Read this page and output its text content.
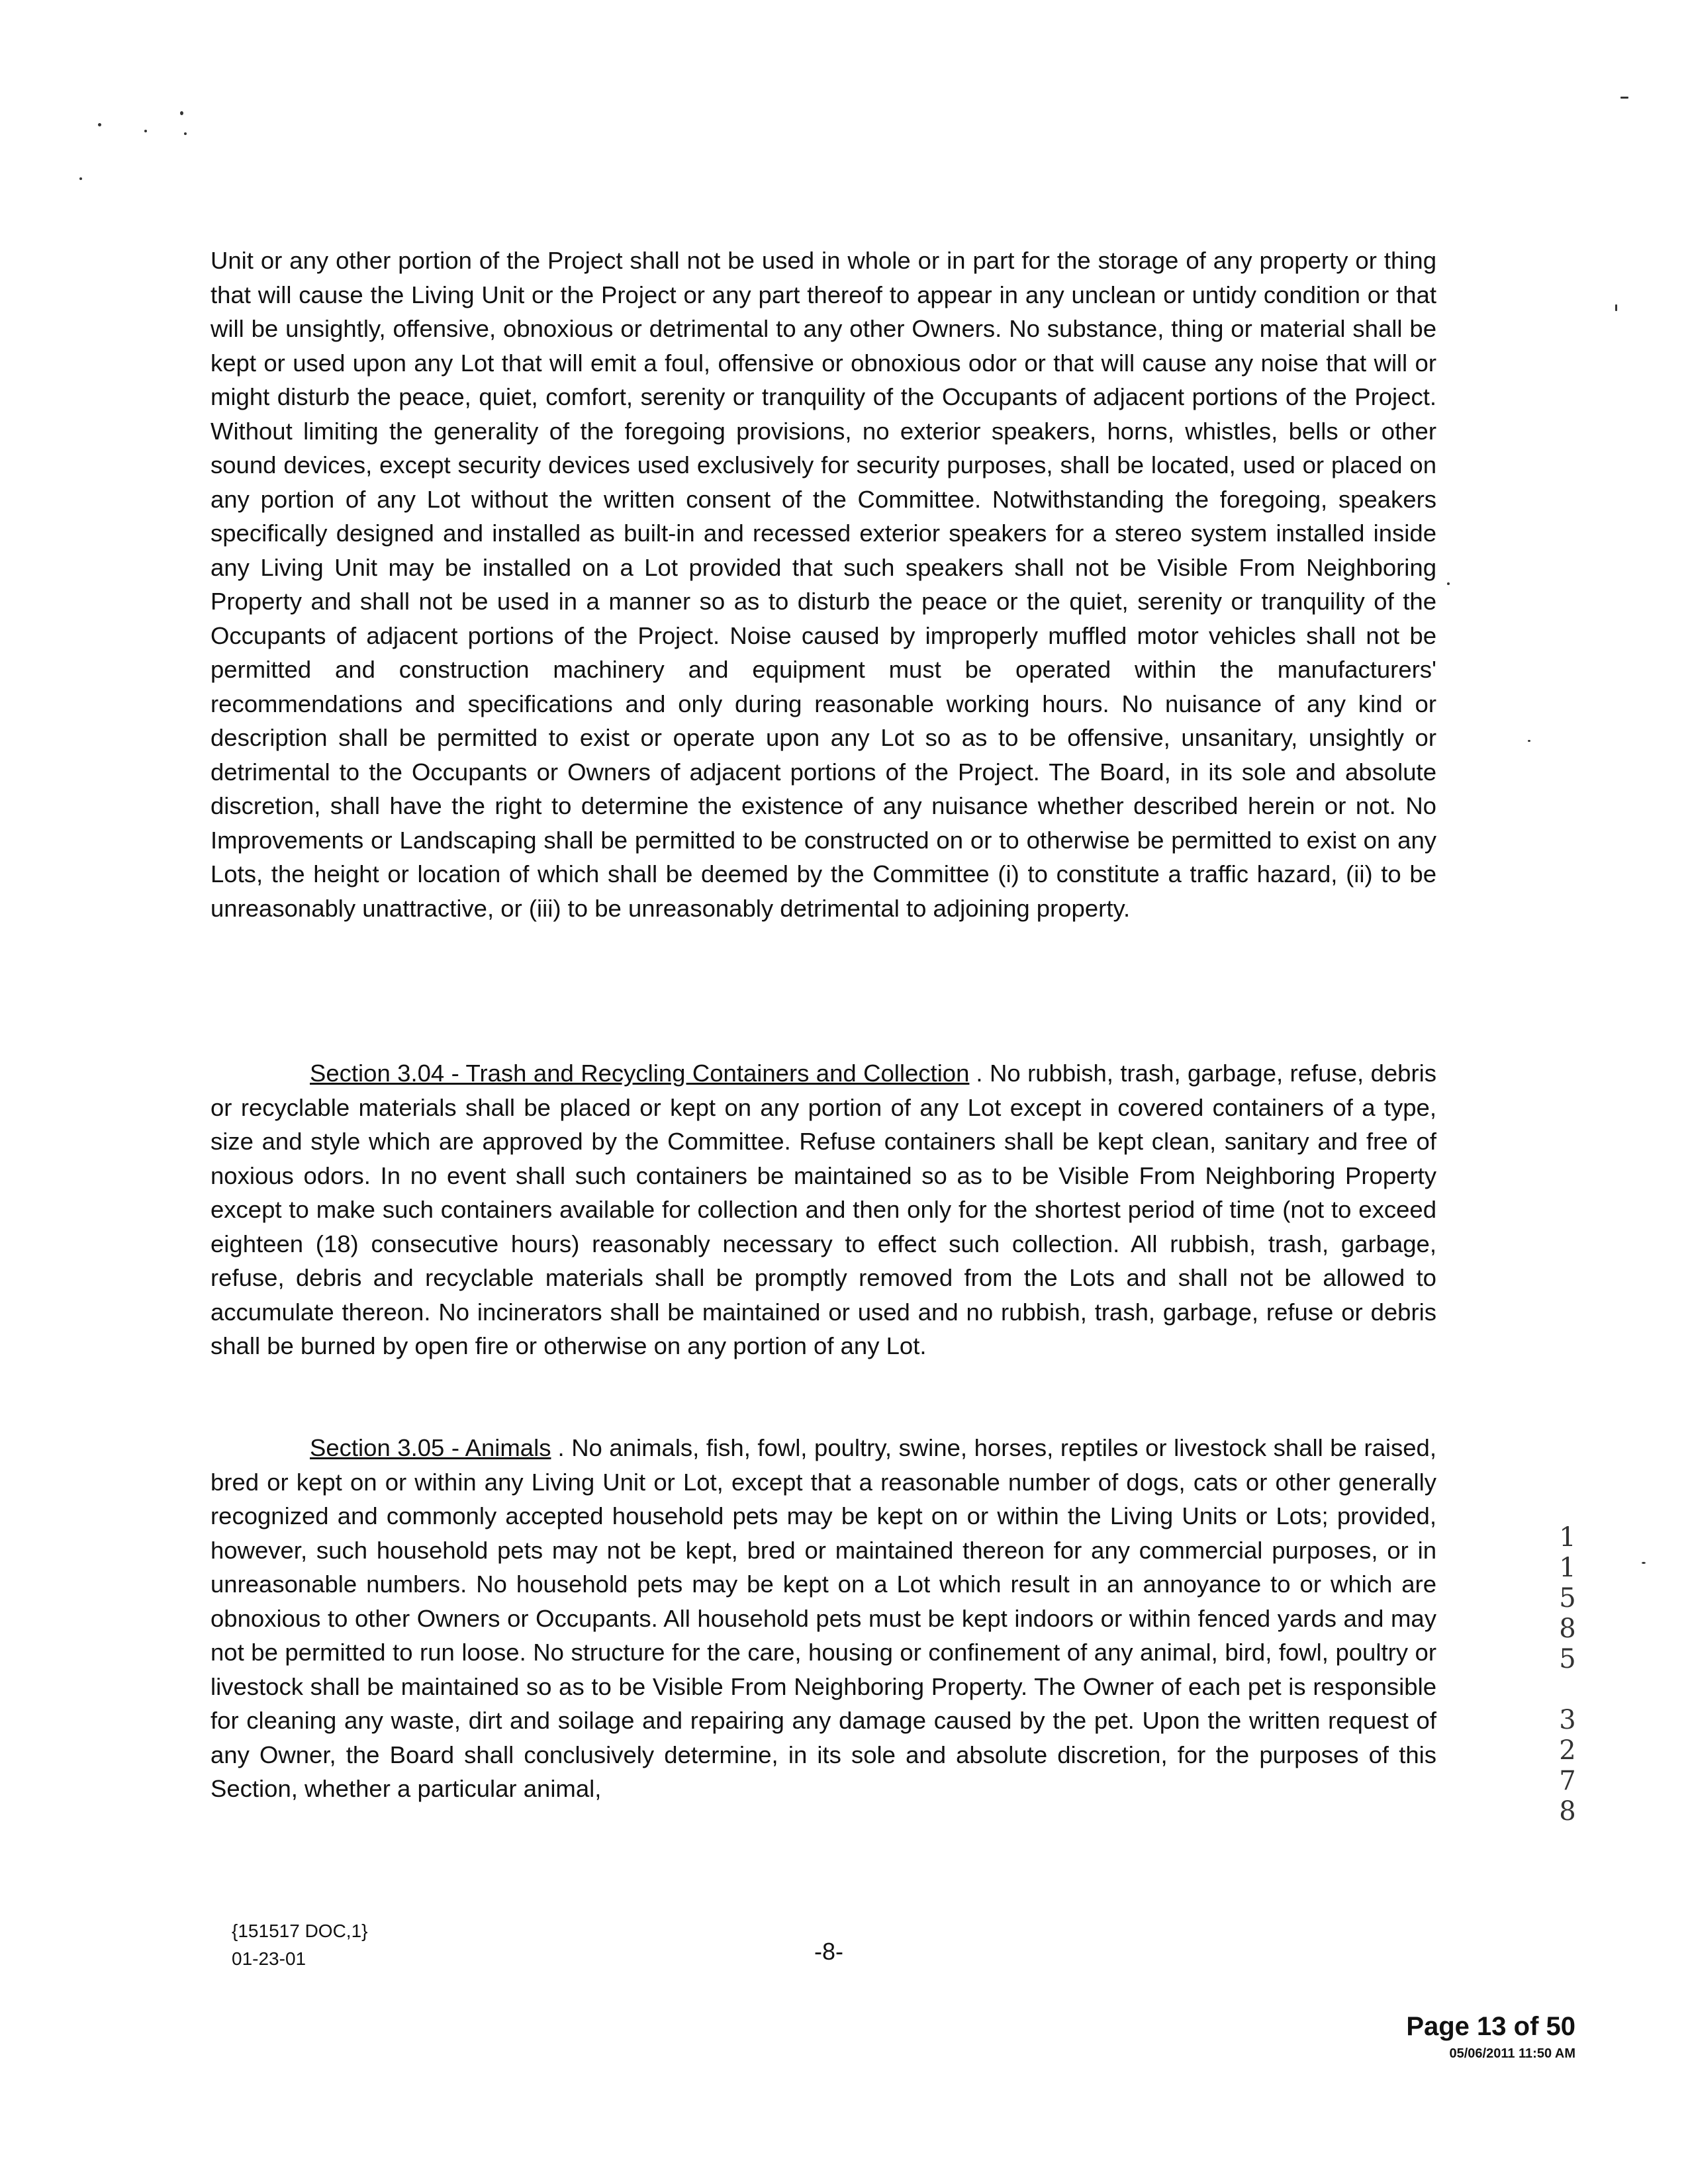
Unit or any other portion of the Project shall not be used in whole or in part for the storage of any property or thing that will cause the Living Unit or the Project or any part thereof to appear in any unclean or untidy condition or that will be unsightly, offensive, obnoxious or detrimental to any other Owners. No substance, thing or material shall be kept or used upon any Lot that will emit a foul, offensive or obnoxious odor or that will cause any noise that will or might disturb the peace, quiet, comfort, serenity or tranquility of the Occupants of adjacent portions of the Project. Without limiting the generality of the foregoing provisions, no exterior speakers, horns, whistles, bells or other sound devices, except security devices used exclusively for security purposes, shall be located, used or placed on any portion of any Lot without the written consent of the Committee. Notwithstanding the foregoing, speakers specifically designed and installed as built-in and recessed exterior speakers for a stereo system installed inside any Living Unit may be installed on a Lot provided that such speakers shall not be Visible From Neighboring Property and shall not be used in a manner so as to disturb the peace or the quiet, serenity or tranquility of the Occupants of adjacent portions of the Project. Noise caused by improperly muffled motor vehicles shall not be permitted and construction machinery and equipment must be operated within the manufacturers' recommendations and specifications and only during reasonable working hours. No nuisance of any kind or description shall be permitted to exist or operate upon any Lot so as to be offensive, unsanitary, unsightly or detrimental to the Occupants or Owners of adjacent portions of the Project. The Board, in its sole and absolute discretion, shall have the right to determine the existence of any nuisance whether described herein or not. No Improvements or Landscaping shall be permitted to be constructed on or to otherwise be permitted to exist on any Lots, the height or location of which shall be deemed by the Committee (i) to constitute a traffic hazard, (ii) to be unreasonably unattractive, or (iii) to be unreasonably detrimental to adjoining property.

Section 3.04 - Trash and Recycling Containers and Collection . No rubbish, trash, garbage, refuse, debris or recyclable materials shall be placed or kept on any portion of any Lot except in covered containers of a type, size and style which are approved by the Committee. Refuse containers shall be kept clean, sanitary and free of noxious odors. In no event shall such containers be maintained so as to be Visible From Neighboring Property except to make such containers available for collection and then only for the shortest period of time (not to exceed eighteen (18) consecutive hours) reasonably necessary to effect such collection. All rubbish, trash, garbage, refuse, debris and recyclable materials shall be promptly removed from the Lots and shall not be allowed to accumulate thereon. No incinerators shall be maintained or used and no rubbish, trash, garbage, refuse or debris shall be burned by open fire or otherwise on any portion of any Lot.

Section 3.05 - Animals . No animals, fish, fowl, poultry, swine, horses, reptiles or livestock shall be raised, bred or kept on or within any Living Unit or Lot, except that a reasonable number of dogs, cats or other generally recognized and commonly accepted household pets may be kept on or within the Living Units or Lots; provided, however, such household pets may not be kept, bred or maintained thereon for any commercial purposes, or in unreasonable numbers. No household pets may be kept on a Lot which result in an annoyance to or which are obnoxious to other Owners or Occupants. All household pets must be kept indoors or within fenced yards and may not be permitted to run loose. No structure for the care, housing or confinement of any animal, bird, fowl, poultry or livestock shall be maintained so as to be Visible From Neighboring Property. The Owner of each pet is responsible for cleaning any waste, dirt and soilage and repairing any damage caused by the pet. Upon the written request of any Owner, the Board shall conclusively determine, in its sole and absolute discretion, for the purposes of this Section, whether a particular animal,

{151517 DOC,1}
01-23-01	-8-
Page 13 of 50
05/06/2011 11:50 AM
1
1
5
8
5
3
2
7
8
